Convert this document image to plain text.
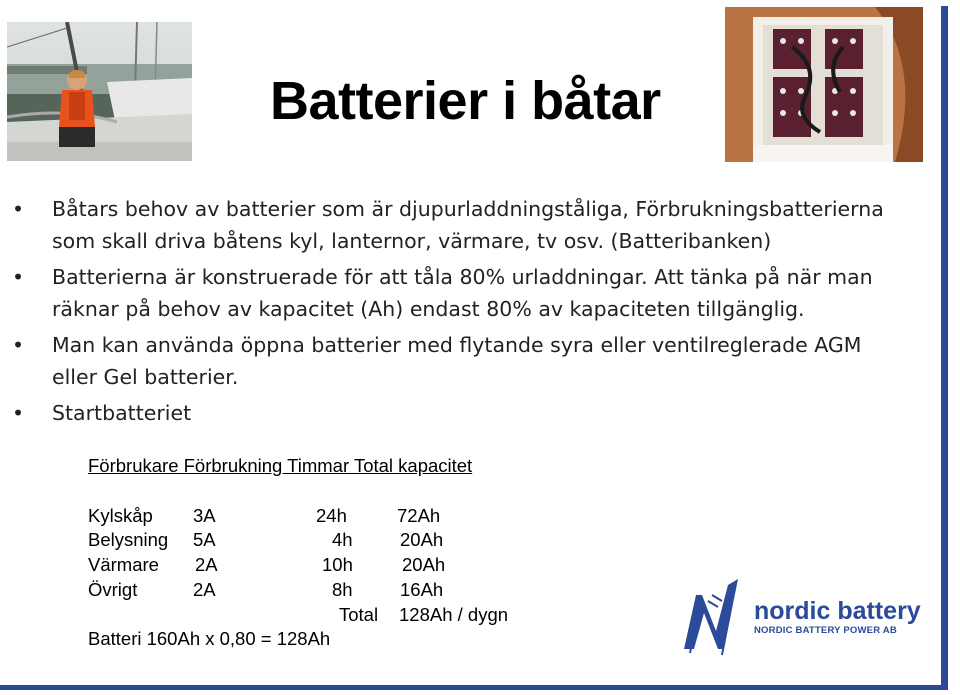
Batterier i båtar
• Båtars behov av batterier som är djupurladdningståliga, Förbrukningsbatterierna
som skall driva båtens kyl, lanternor, värmare, tv osv. (Batteribanken)
• Batterierna är konstruerade för att tåla 80% urladdningar. Att tänka på när man
räknar på behov av kapacitet (Ah) endast 80% av kapaciteten tillgänglig.
• Man kan använda öppna batterier med flytande syra eller ventilreglerade AGM
eller Gel batterier.
• Startbatteriet
Förbrukare Förbrukning Timmar Total kapacitet
Kylskåp 3A	24h	72Ah
Belysning 5A	4h	20Ah
Värmare 2A	10h	20Ah
Övrigt	2A	8h	16Ah
Total 128Ah / dygn
Batteri 160Ah x 0,80 = 128Ah
nordic battery
NORDIC BATTERY POWER AB
